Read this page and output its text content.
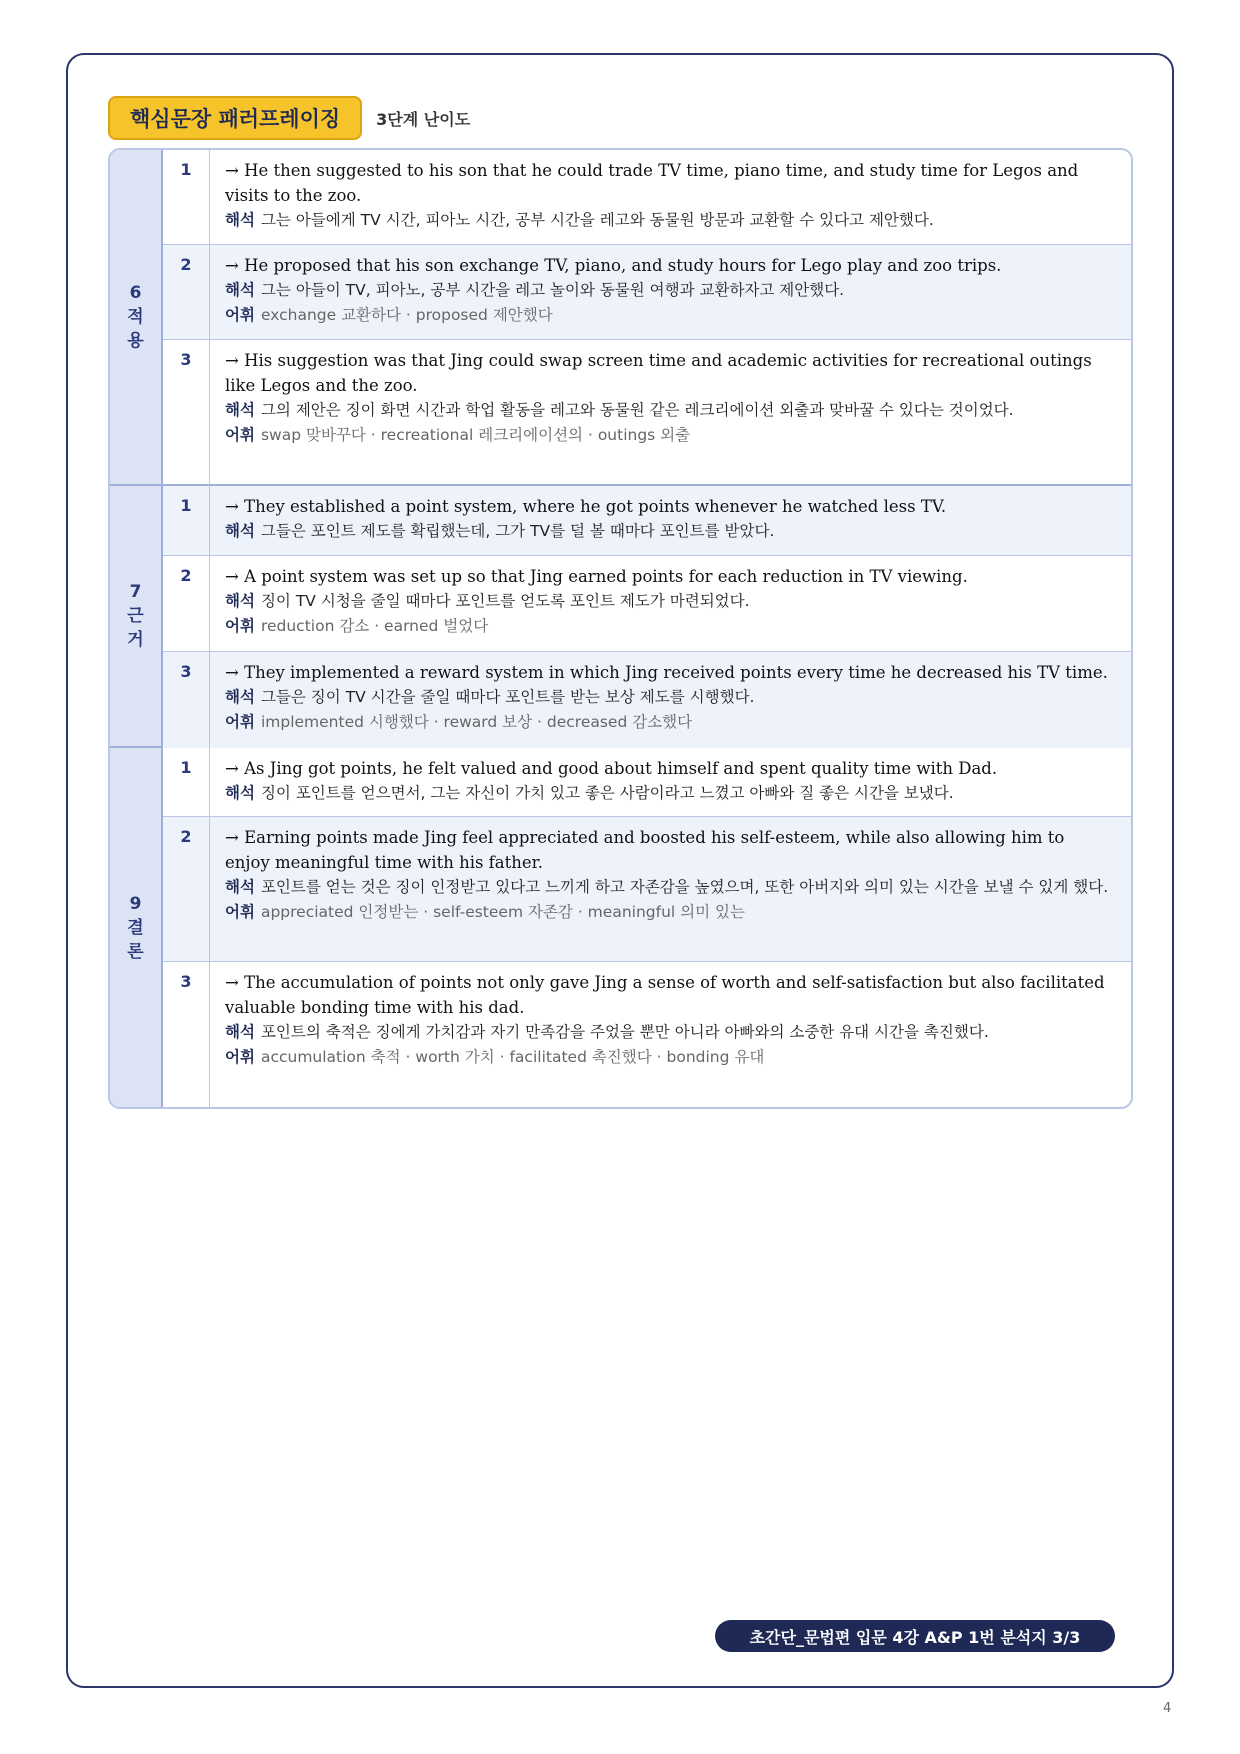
핵심문장 패러프레이징	3단계 난이도
6
적
용
1	→ He then suggested to his son that he could trade TV time, piano time, and study time for Legos and visits to the zoo.
해석 그는 아들에게 TV 시간, 피아노 시간, 공부 시간을 레고와 동물원 방문과 교환할 수 있다고 제안했다.
2	→ He proposed that his son exchange TV, piano, and study hours for Lego play and zoo trips.
해석 그는 아들이 TV, 피아노, 공부 시간을 레고 놀이와 동물원 여행과 교환하자고 제안했다.
어휘 exchange 교환하다 · proposed 제안했다
3	→ His suggestion was that Jing could swap screen time and academic activities for recreational outings like Legos and the zoo.
해석 그의 제안은 징이 화면 시간과 학업 활동을 레고와 동물원 같은 레크리에이션 외출과 맞바꿀 수 있다는 것이었다.
어휘 swap 맞바꾸다 · recreational 레크리에이션의 · outings 외출
7
근
거
1	→ They established a point system, where he got points whenever he watched less TV.
해석 그들은 포인트 제도를 확립했는데, 그가 TV를 덜 볼 때마다 포인트를 받았다.
2	→ A point system was set up so that Jing earned points for each reduction in TV viewing.
해석 징이 TV 시청을 줄일 때마다 포인트를 얻도록 포인트 제도가 마련되었다.
어휘 reduction 감소 · earned 벌었다
3	→ They implemented a reward system in which Jing received points every time he decreased his TV time.
해석 그들은 징이 TV 시간을 줄일 때마다 포인트를 받는 보상 제도를 시행했다.
어휘 implemented 시행했다 · reward 보상 · decreased 감소했다
9
결
론
1	→ As Jing got points, he felt valued and good about himself and spent quality time with Dad.
해석 징이 포인트를 얻으면서, 그는 자신이 가치 있고 좋은 사람이라고 느꼈고 아빠와 질 좋은 시간을 보냈다.
2	→ Earning points made Jing feel appreciated and boosted his self-esteem, while also allowing him to enjoy meaningful time with his father.
해석 포인트를 얻는 것은 징이 인정받고 있다고 느끼게 하고 자존감을 높였으며, 또한 아버지와 의미 있는 시간을 보낼 수 있게 했다.
어휘 appreciated 인정받는 · self-esteem 자존감 · meaningful 의미 있는
3	→ The accumulation of points not only gave Jing a sense of worth and self-satisfaction but also facilitated valuable bonding time with his dad.
해석 포인트의 축적은 징에게 가치감과 자기 만족감을 주었을 뿐만 아니라 아빠와의 소중한 유대 시간을 촉진했다.
어휘 accumulation 축적 · worth 가치 · facilitated 촉진했다 · bonding 유대
초간단_문법편 입문 4강 A&P 1번 분석지 3/3
4
